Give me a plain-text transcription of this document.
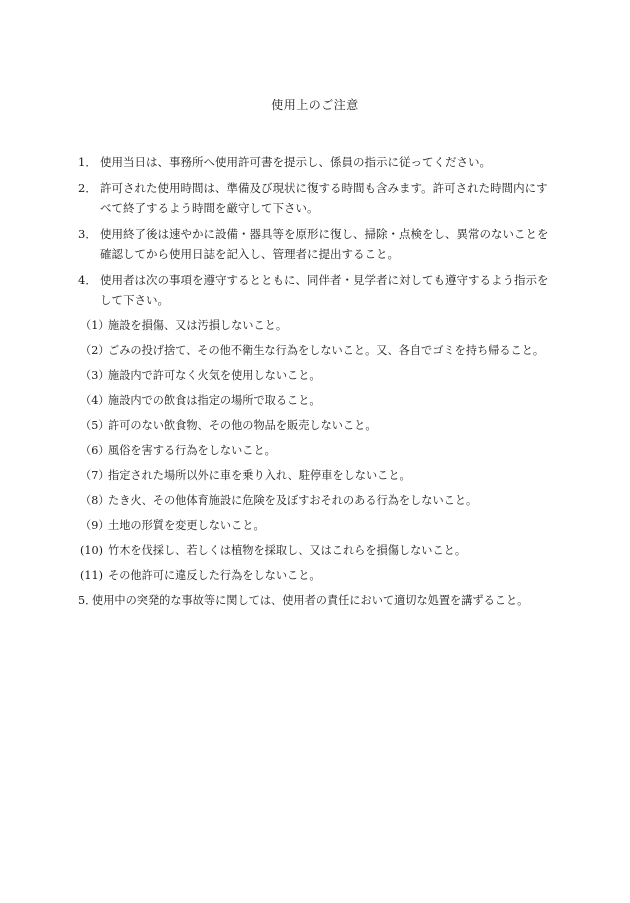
使用上のご注意
1． 使用当日は、事務所へ使用許可書を提示し、係員の指示に従ってください。
2． 許可された使用時間は、準備及び現状に復する時間も含みます。許可された時間内にすべて終了するよう時間を厳守して下さい。
3． 使用終了後は速やかに設備・器具等を原形に復し、掃除・点検をし、異常のないことを確認してから使用日誌を記入し、管理者に提出すること。
4． 使用者は次の事項を遵守するとともに、同伴者・見学者に対しても遵守するよう指示をして下さい。
（1）施設を損傷、又は汚損しないこと。
（2）ごみの投げ捨て、その他不衛生な行為をしないこと。又、各自でゴミを持ち帰ること。
（3）施設内で許可なく火気を使用しないこと。
（4）施設内での飲食は指定の場所で取ること。
（5）許可のない飲食物、その他の物品を販売しないこと。
（6）風俗を害する行為をしないこと。
（7）指定された場所以外に車を乗り入れ、駐停車をしないこと。
（8）たき火、その他体育施設に危険を及ぼすおそれのある行為をしないこと。
（9）土地の形質を変更しないこと。
(10) 竹木を伐採し、若しくは植物を採取し、又はこれらを損傷しないこと。
(11) その他許可に違反した行為をしないこと。
5．
使用中の突発的な事故等に関しては、使用者の責任において適切な処置を講ずること。
